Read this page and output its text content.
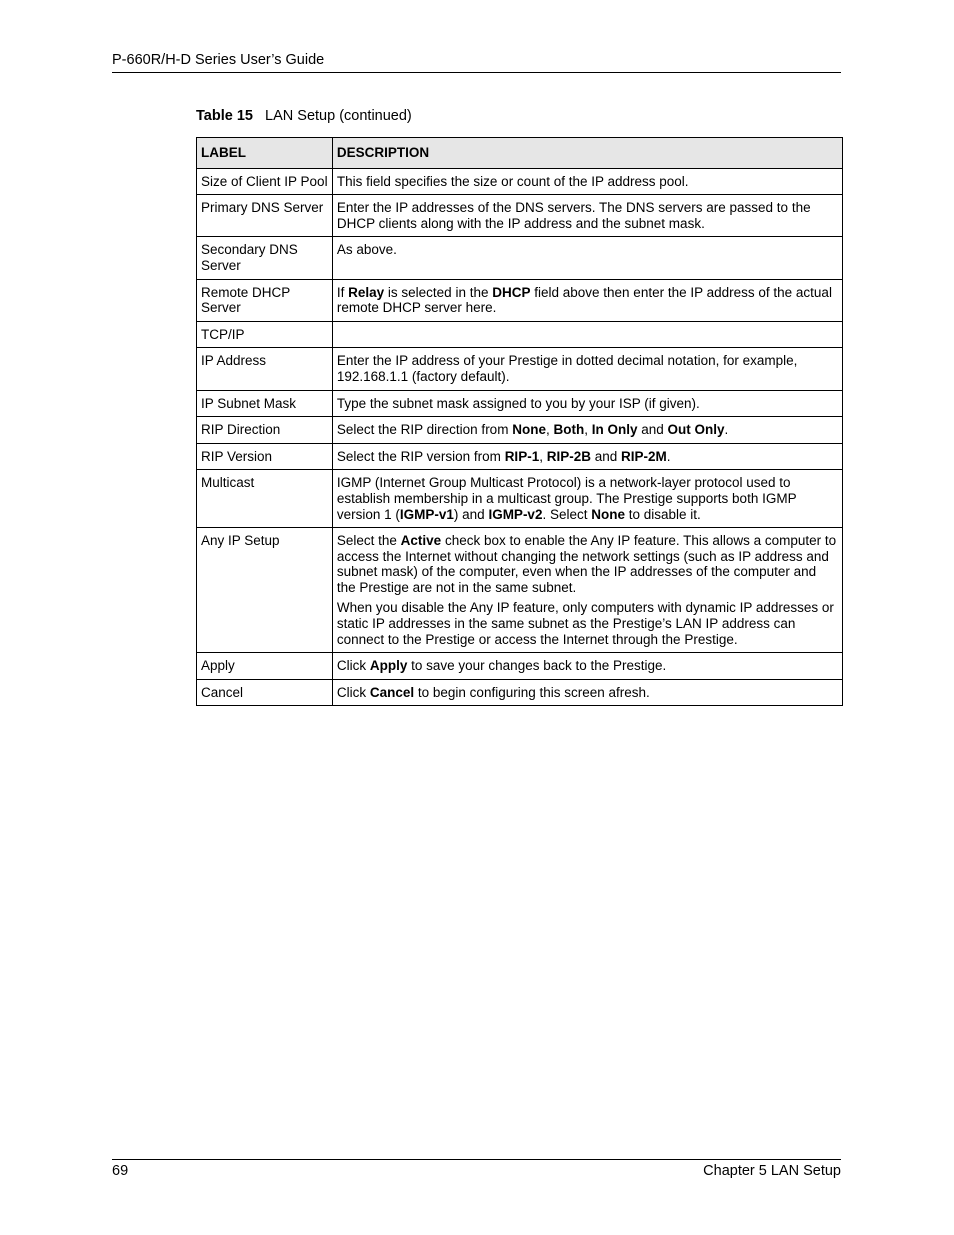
P-660R/H-D Series User’s Guide
Table 15 LAN Setup (continued)
LABEL	DESCRIPTION
Size of Client IP Pool	This field specifies the size or count of the IP address pool.

Primary DNS Server	Enter the IP addresses of the DNS servers. The DNS servers are passed to the DHCP clients along with the IP address and the subnet mask.

Secondary DNS Server	As above.

Remote DHCP Server	If Relay is selected in the DHCP field above then enter the IP address of the actual remote DHCP server here.

TCP/IP	
IP Address	Enter the IP address of your Prestige in dotted decimal notation, for example, 192.168.1.1 (factory default).

IP Subnet Mask	Type the subnet mask assigned to you by your ISP (if given).

RIP Direction	Select the RIP direction from None, Both, In Only and Out Only.

RIP Version	Select the RIP version from RIP-1, RIP-2B and RIP-2M.

Multicast	IGMP (Internet Group Multicast Protocol) is a network-layer protocol used to establish membership in a multicast group. The Prestige supports both IGMP version 1 (IGMP-v1) and IGMP-v2. Select None to disable it.

Any IP Setup	Select the Active check box to enable the Any IP feature. This allows a computer to access the Internet without changing the network settings (such as IP address and subnet mask) of the computer, even when the IP addresses of the computer and the Prestige are not in the same subnet.
When you disable the Any IP feature, only computers with dynamic IP addresses or static IP addresses in the same subnet as the Prestige’s LAN IP address can connect to the Prestige or access the Internet through the Prestige.

Apply	Click Apply to save your changes back to the Prestige.

Cancel	Click Cancel to begin configuring this screen afresh.
69	Chapter 5 LAN Setup
